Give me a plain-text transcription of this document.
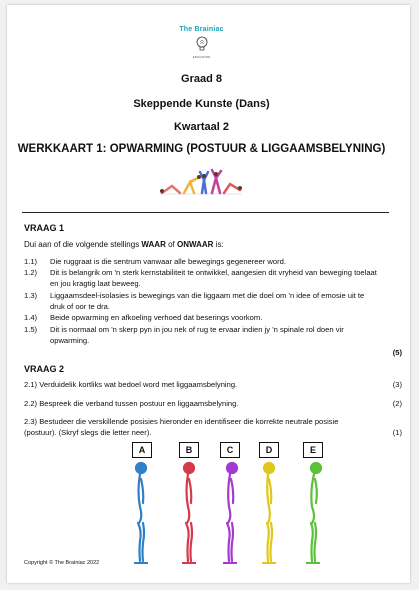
The Brainiac
EDUCATION
Graad 8
Skeppende Kunste (Dans)
Kwartaal 2
WERKKAART 1: OPWARMING (POSTUUR & LIGGAAMSBELYNING)
VRAAG 1
Dui aan of die volgende stellings WAAR of ONWAAR is:
1.1) Die ruggraat is die sentrum vanwaar alle bewegings gegenereer word.
1.2) Dit is belangrik om 'n sterk kernstabiliteit te ontwikkel, aangesien dit vryheid van beweging toelaat en jou kragtig laat beweeg.
1.3) Liggaamsdeel-isolasies is bewegings van die liggaam met die doel om 'n idee of emosie uit te druk of oor te dra.
1.4) Beide opwarming en afkoeling verhoed dat beserings voorkom.
1.5) Dit is normaal om 'n skerp pyn in jou nek of rug te ervaar indien jy 'n spinale rol doen vir opwarming.
(5)
VRAAG 2
2.1) Verduidelik kortliks wat bedoel word met liggaamsbelyning.	(3)
2.2) Bespreek die verband tussen postuur en liggaamsbelyning.	(2)
2.3) Bestudeer die verskillende posisies hieronder en identifiseer die korrekte neutrale posisie (postuur). (Skryf slegs die letter neer).	(1)
A	B	C	D	E
Copyright © The Brainiac 2022
